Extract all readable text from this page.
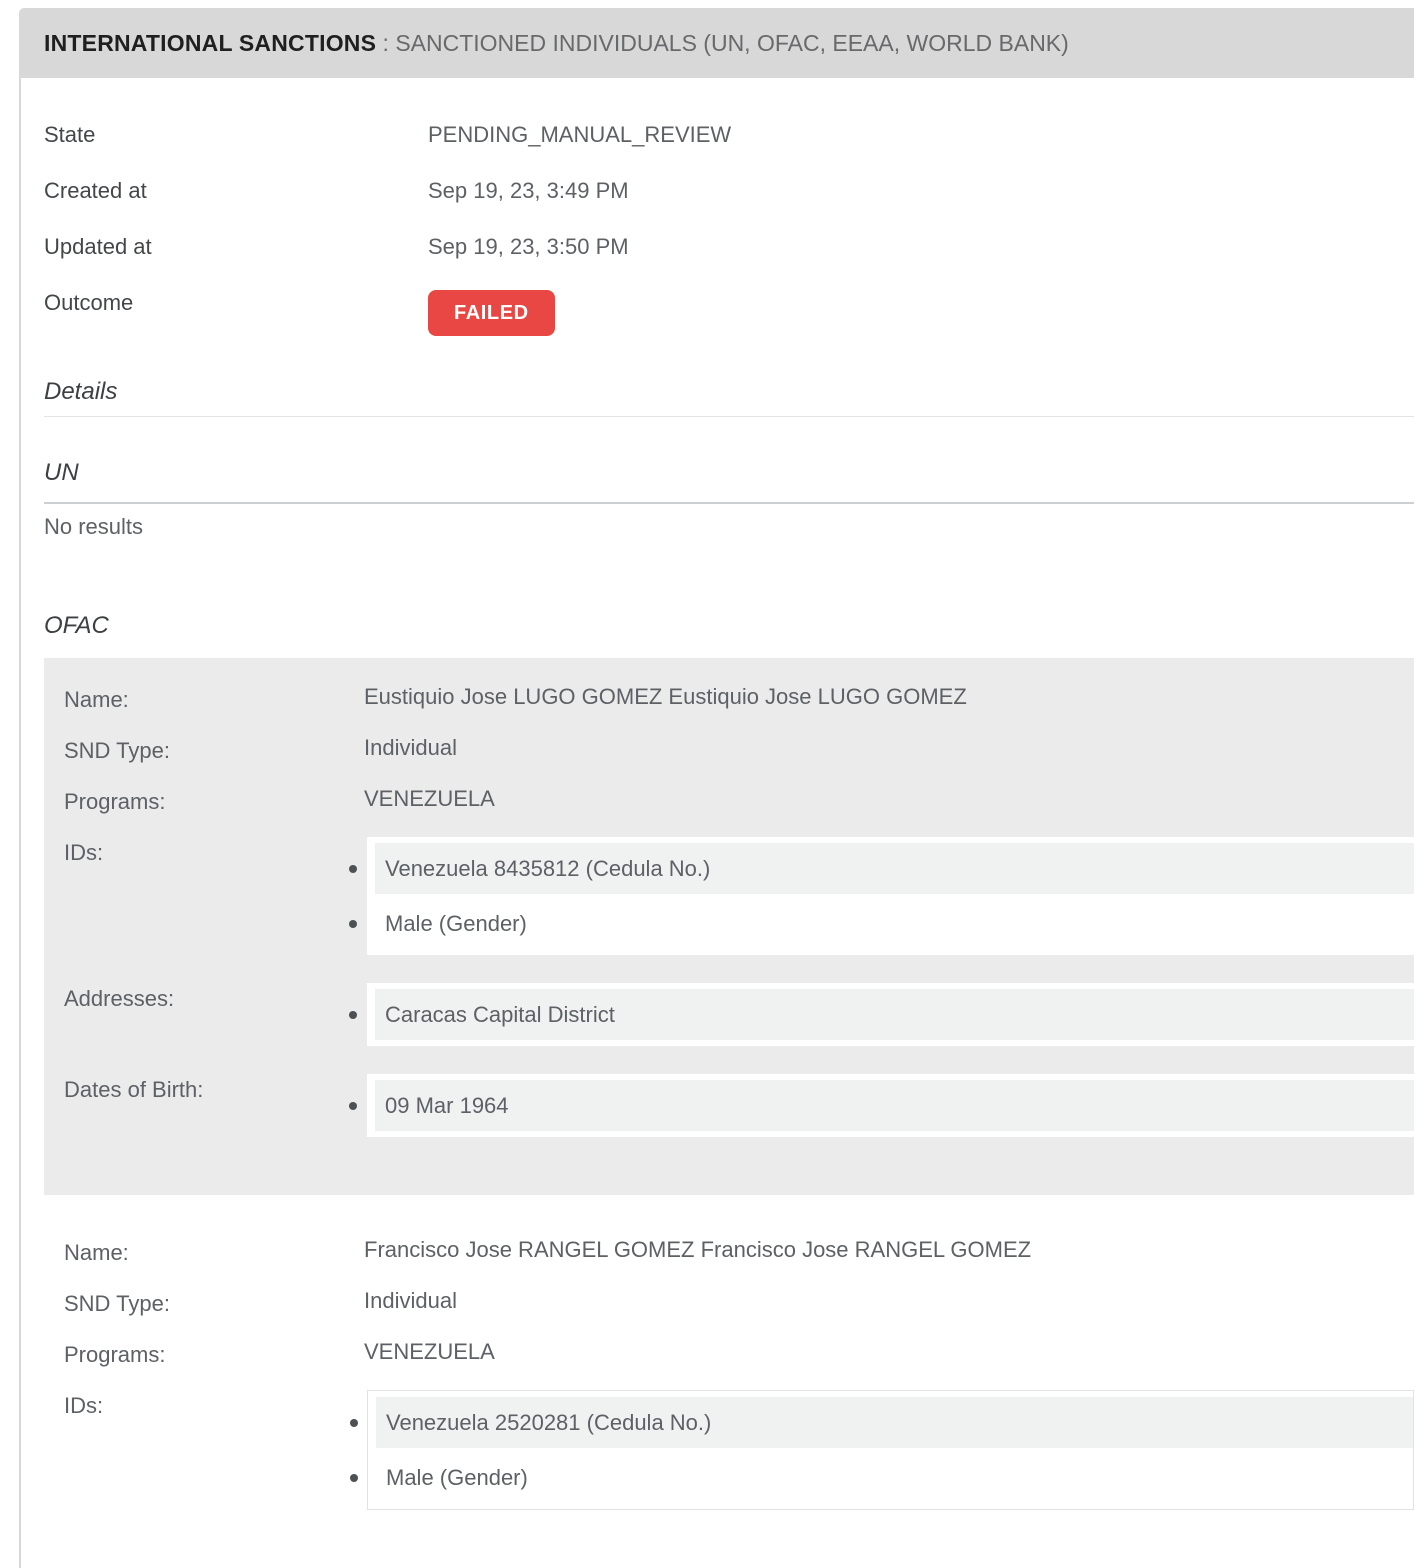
INTERNATIONAL SANCTIONS : SANCTIONED INDIVIDUALS (UN, OFAC, EEAA, WORLD BANK)
State	PENDING_MANUAL_REVIEW
Created at	Sep 19, 23, 3:49 PM
Updated at	Sep 19, 23, 3:50 PM
Outcome	FAILED
Details
UN
No results
OFAC
Name:	Eustiquio Jose LUGO GOMEZ Eustiquio Jose LUGO GOMEZ
SND Type:	Individual
Programs:	VENEZUELA
IDs:
Venezuela 8435812 (Cedula No.)
Male (Gender)
Addresses:
Caracas Capital District
Dates of Birth:
09 Mar 1964
Name:	Francisco Jose RANGEL GOMEZ Francisco Jose RANGEL GOMEZ
SND Type:	Individual
Programs:	VENEZUELA
IDs:
Venezuela 2520281 (Cedula No.)
Male (Gender)
